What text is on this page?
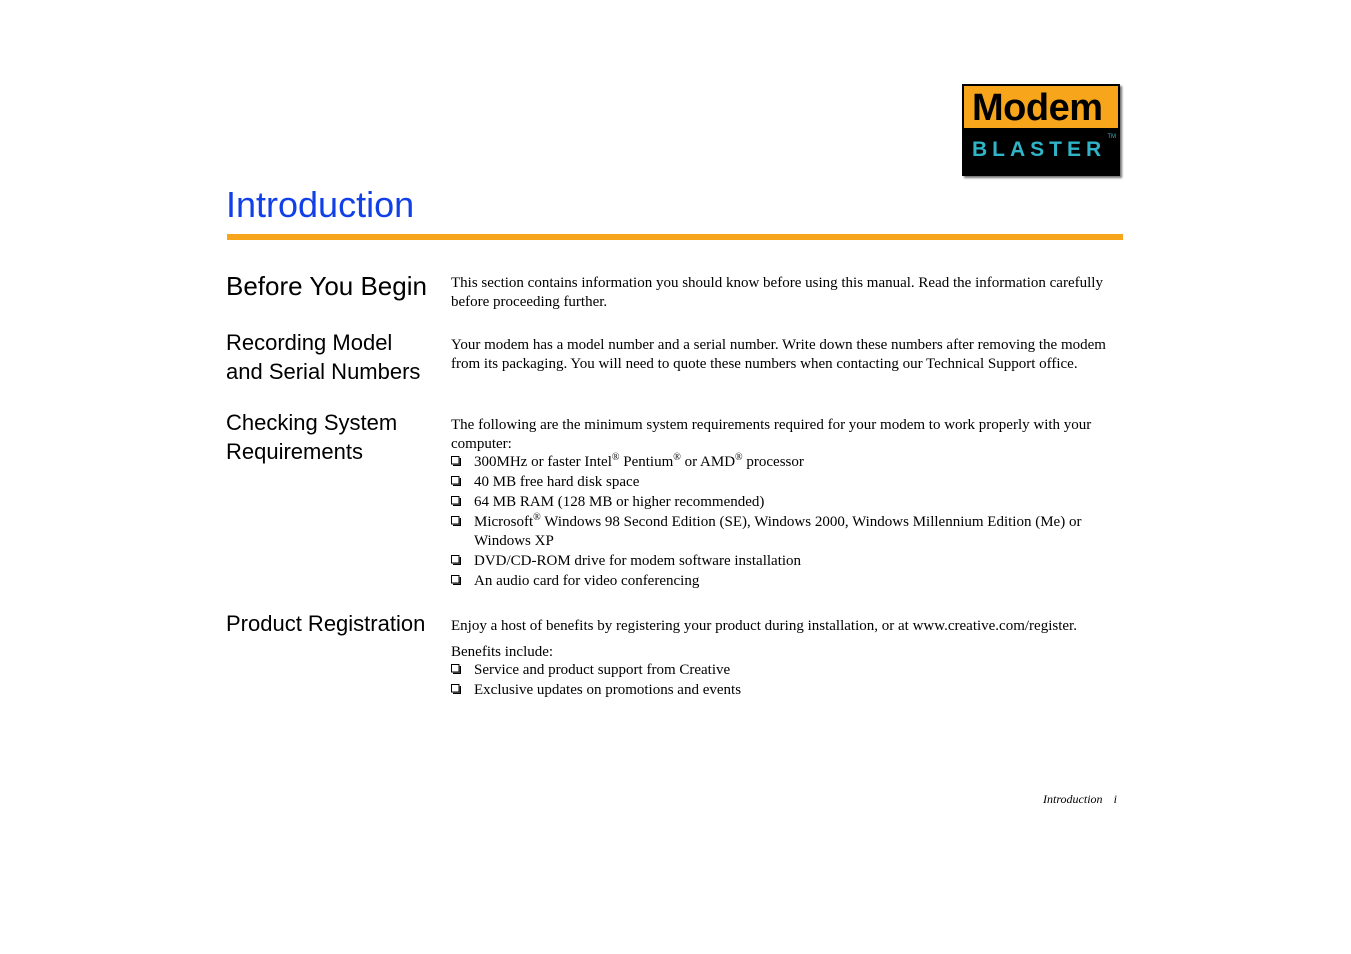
Modem
BLASTER
TM
Introduction
Before You Begin This section contains information you should know before using this manual. Read the information carefully before proceeding further.

Recording Model
and Serial Numbers

Your modem has a model number and a serial number. Write down these numbers after removing the modem from its packaging. You will need to quote these numbers when contacting our Technical Support office.

Checking System
Requirements

The following are the minimum system requirements required for your modem to work properly with your computer:

300MHz or faster Intel® Pentium® or AMD® processor
40 MB free hard disk space
64 MB RAM (128 MB or higher recommended)
Microsoft® Windows 98 Second Edition (SE), Windows 2000, Windows Millennium Edition (Me) or Windows XP
DVD/CD-ROM drive for modem software installation
An audio card for video conferencing
Product Registration Enjoy a host of benefits by registering your product during installation, or at www.creative.com/register.

Benefits include:

Service and product support from Creative
Exclusive updates on promotions and events
Introduction i
